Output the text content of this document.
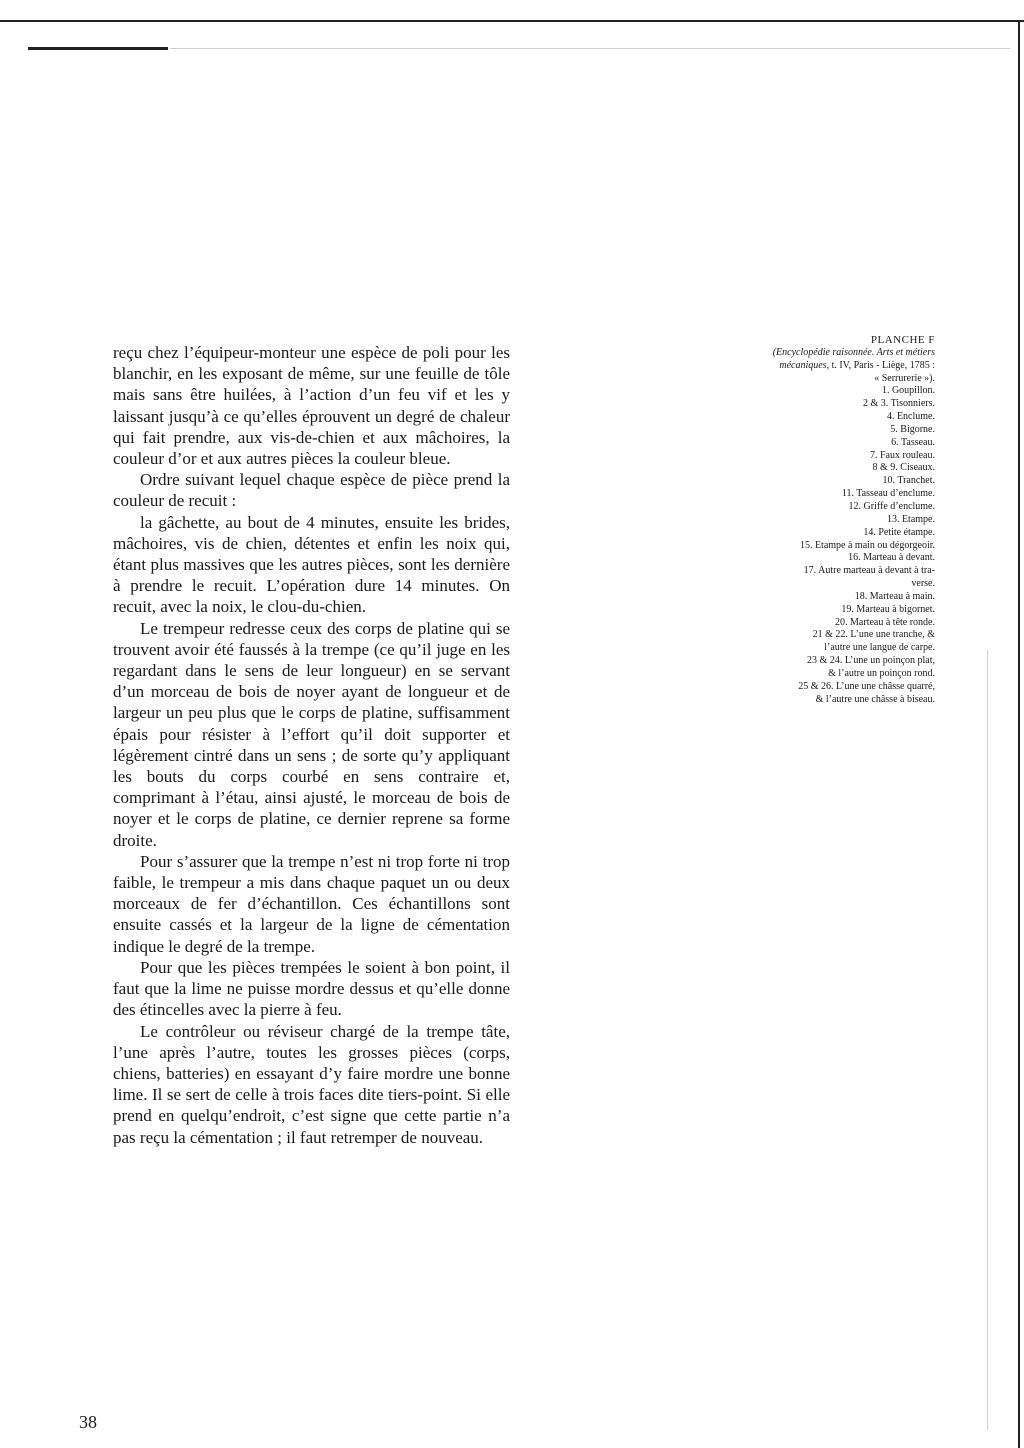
reçu chez l’équipeur-monteur une espèce de poli pour les blanchir, en les exposant de même, sur une feuille de tôle mais sans être huilées, à l’action d’un feu vif et les y laissant jusqu’à ce qu’elles éprouvent un degré de chaleur qui fait prendre, aux vis-de-chien et aux mâchoires, la couleur d’or et aux autres pièces la couleur bleue.

Ordre suivant lequel chaque espèce de pièce prend la couleur de recuit :

la gâchette, au bout de 4 minutes, ensuite les brides, mâchoires, vis de chien, détentes et enfin les noix qui, étant plus massives que les autres pièces, sont les dernière à prendre le recuit. L’opération dure 14 minutes. On recuit, avec la noix, le clou-du-chien.

Le trempeur redresse ceux des corps de platine qui se trouvent avoir été faussés à la trempe (ce qu’il juge en les regardant dans le sens de leur longueur) en se servant d’un morceau de bois de noyer ayant de longueur et de largeur un peu plus que le corps de platine, suffisamment épais pour résister à l’effort qu’il doit supporter et légèrement cintré dans un sens ; de sorte qu’y appliquant les bouts du corps courbé en sens contraire et, comprimant à l’étau, ainsi ajusté, le morceau de bois de noyer et le corps de platine, ce dernier reprene sa forme droite.

Pour s’assurer que la trempe n’est ni trop forte ni trop faible, le trempeur a mis dans chaque paquet un ou deux morceaux de fer d’échantillon. Ces échantillons sont ensuite cassés et la largeur de la ligne de cémentation indique le degré de la trempe.

Pour que les pièces trempées le soient à bon point, il faut que la lime ne puisse mordre dessus et qu’elle donne des étincelles avec la pierre à feu.

Le contrôleur ou réviseur chargé de la trempe tâte, l’une après l’autre, toutes les grosses pièces (corps, chiens, batteries) en essayant d’y faire mordre une bonne lime. Il se sert de celle à trois faces dite tiers-point. Si elle prend en quelqu’endroit, c’est signe que cette partie n’a pas reçu la cémentation ; il faut retremper de nouveau.

PLANCHE F
(Encyclopédie raisonnée. Arts et métiers
mécaniques, t. IV, Paris - Liège, 1785 :
« Serrurerie »).
1. Goupillon.
2 & 3. Tisonniers.
4. Enclume.
5. Bigorne.
6. Tasseau.
7. Faux rouleau.
8 & 9. Ciseaux.
10. Tranchet.
11. Tasseau d’enclume.
12. Griffe d’enclume.
13. Etampe.
14. Petite étampe.
15. Etampe à main ou dégorgeoir.
16. Marteau à devant.
17. Autre marteau à devant à tra-
verse.
18. Marteau à main.
19. Marteau à bigornet.
20. Marteau à tête ronde.
21 & 22. L’une une tranche, &
l’autre une langue de carpe.
23 & 24. L’une un poinçon plat,
& l’autre un poinçon rond.
25 & 26. L’une une châsse quarré,
& l’autre une châsse à biseau.
38
